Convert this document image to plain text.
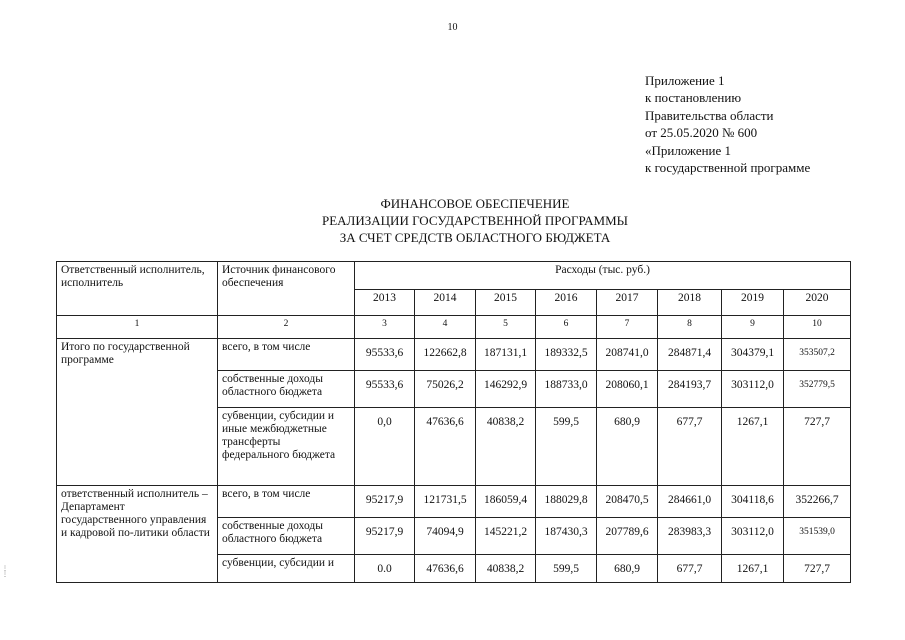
10
Приложение 1
к постановлению
Правительства области
от 25.05.2020 № 600
«Приложение 1
к государственной программе
ФИНАНСОВОЕ ОБЕСПЕЧЕНИЕ
РЕАЛИЗАЦИИ ГОСУДАРСТВЕННОЙ ПРОГРАММЫ
ЗА СЧЕТ СРЕДСТВ ОБЛАСТНОГО БЮДЖЕТА
Ответственный исполнитель, исполнитель	Источник финансового обеспечения	Расходы (тыс. руб.)							
		2013	2014	2015	2016	2017	2018	2019	2020
1	2	3	4	5	6	7	8	9	10
Итого по государственной программе	всего, в том числе	95533,6	122662,8	187131,1	189332,5	208741,0	284871,4	304379,1	353507,2
	собственные доходы областного бюджета	95533,6	75026,2	146292,9	188733,0	208060,1	284193,7	303112,0	352779,5
	субвенции, субсидии и иные межбюджетные трансферты федерального бюджета	0,0	47636,6	40838,2	599,5	680,9	677,7	1267,1	727,7
ответственный исполнитель – Департамент государственного управления и кадровой по-литики области	всего, в том числе	95217,9	121731,5	186059,4	188029,8	208470,5	284661,0	304118,6	352266,7
	собственные доходы областного бюджета	95217,9	74094,9	145221,2	187430,3	207789,6	283983,3	303112,0	351539,0
	субвенции, субсидии и	0.0	47636,6	40838,2	599,5	680,9	677,7	1267,1	727,7
⋮
⋮
